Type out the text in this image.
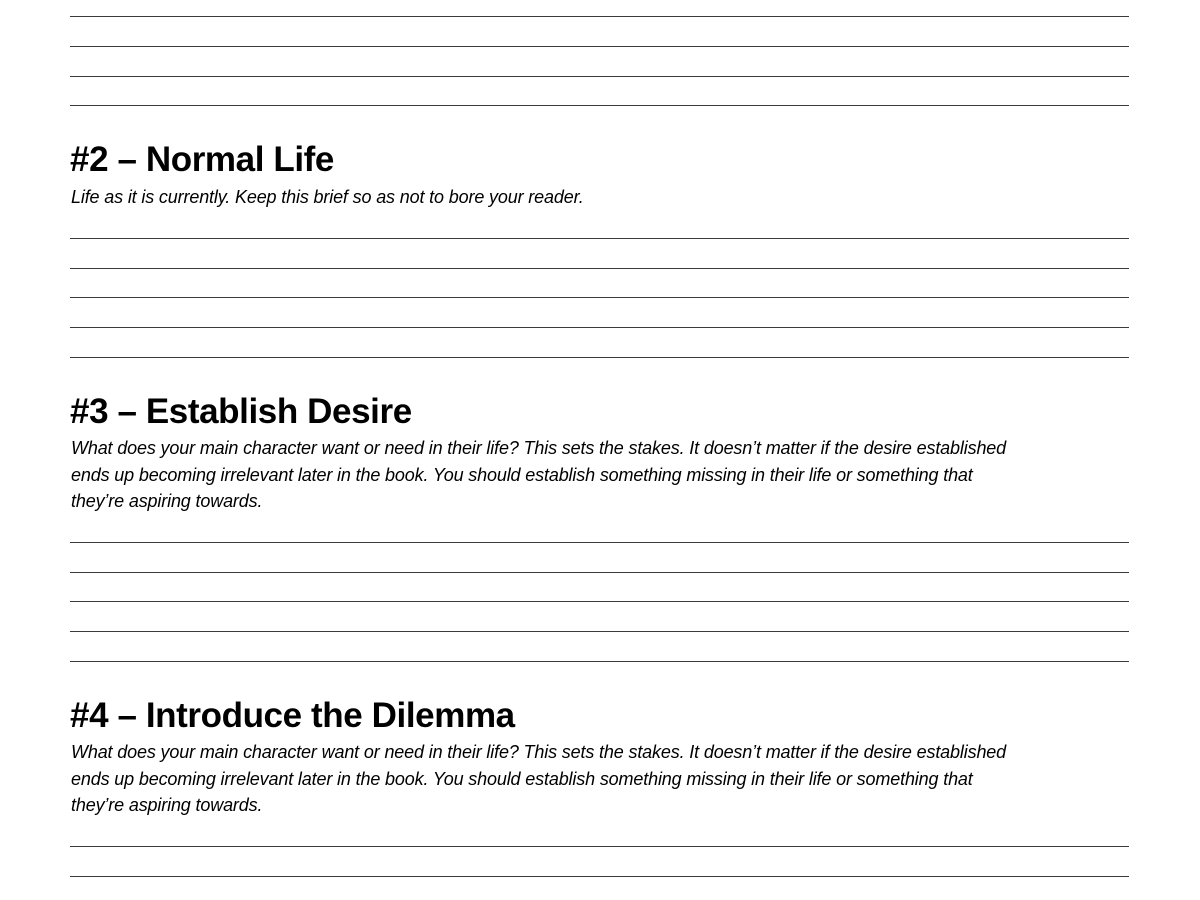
#2 – Normal Life

Life as it is currently. Keep this brief so as not to bore your reader.

#3 – Establish Desire
What does your main character want or need in their life? This sets the stakes. It doesn’t matter if the desire established
ends up becoming irrelevant later in the book. You should establish something missing in their life or something that
they’re aspiring towards.
#4 – Introduce the Dilemma
What does your main character want or need in their life? This sets the stakes. It doesn’t matter if the desire established
ends up becoming irrelevant later in the book. You should establish something missing in their life or something that
they’re aspiring towards.
